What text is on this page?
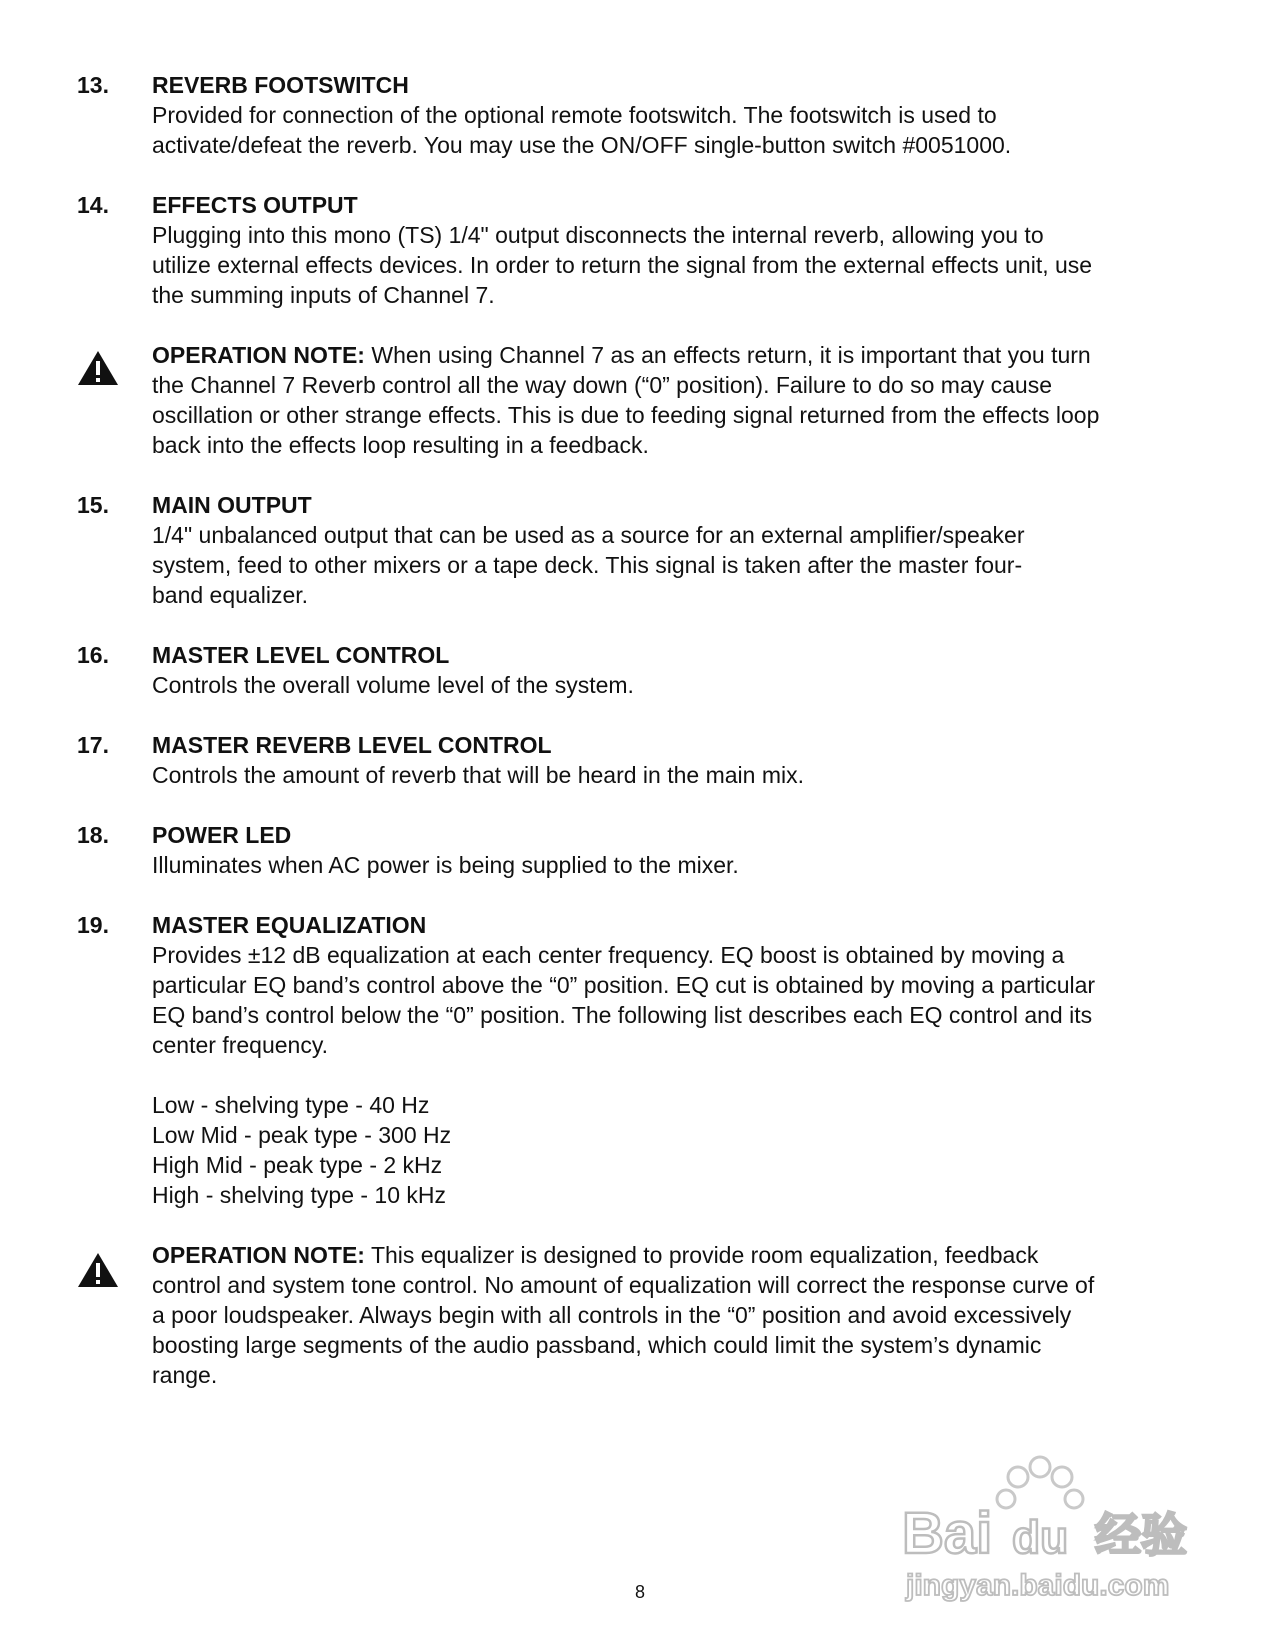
13. REVERB FOOTSWITCH

Provided for connection of the optional remote footswitch. The footswitch is used to
activate/defeat the reverb. You may use the ON/OFF single-button switch #0051000.

14. EFFECTS OUTPUT

Plugging into this mono (TS) 1/4" output disconnects the internal reverb, allowing you to
utilize external effects devices. In order to return the signal from the external effects unit, use
the summing inputs of Channel 7.

OPERATION NOTE: When using Channel 7 as an effects return, it is important that you turn
the Channel 7 Reverb control all the way down (“0” position). Failure to do so may cause
oscillation or other strange effects. This is due to feeding signal returned from the effects loop
back into the effects loop resulting in a feedback.

15. MAIN OUTPUT

1/4" unbalanced output that can be used as a source for an external amplifier/speaker
system, feed to other mixers or a tape deck. This signal is taken after the master four-
band equalizer.

16. MASTER LEVEL CONTROL

Controls the overall volume level of the system.

17. MASTER REVERB LEVEL CONTROL

Controls the amount of reverb that will be heard in the main mix.

18. POWER LED

Illuminates when AC power is being supplied to the mixer.

19. MASTER EQUALIZATION

Provides ±12 dB equalization at each center frequency. EQ boost is obtained by moving a
particular EQ band’s control above the “0” position. EQ cut is obtained by moving a particular
EQ band’s control below the “0” position. The following list describes each EQ control and its
center frequency.

Low - shelving type - 40 Hz
Low Mid - peak type - 300 Hz
High Mid - peak type - 2 kHz
High - shelving type - 10 kHz

OPERATION NOTE: This equalizer is designed to provide room equalization, feedback
control and system tone control. No amount of equalization will correct the response curve of
a poor loudspeaker. Always begin with all controls in the “0” position and avoid excessively
boosting large segments of the audio passband, which could limit the system’s dynamic
range.

8
Bai du 经验
jingyan.baidu.com
